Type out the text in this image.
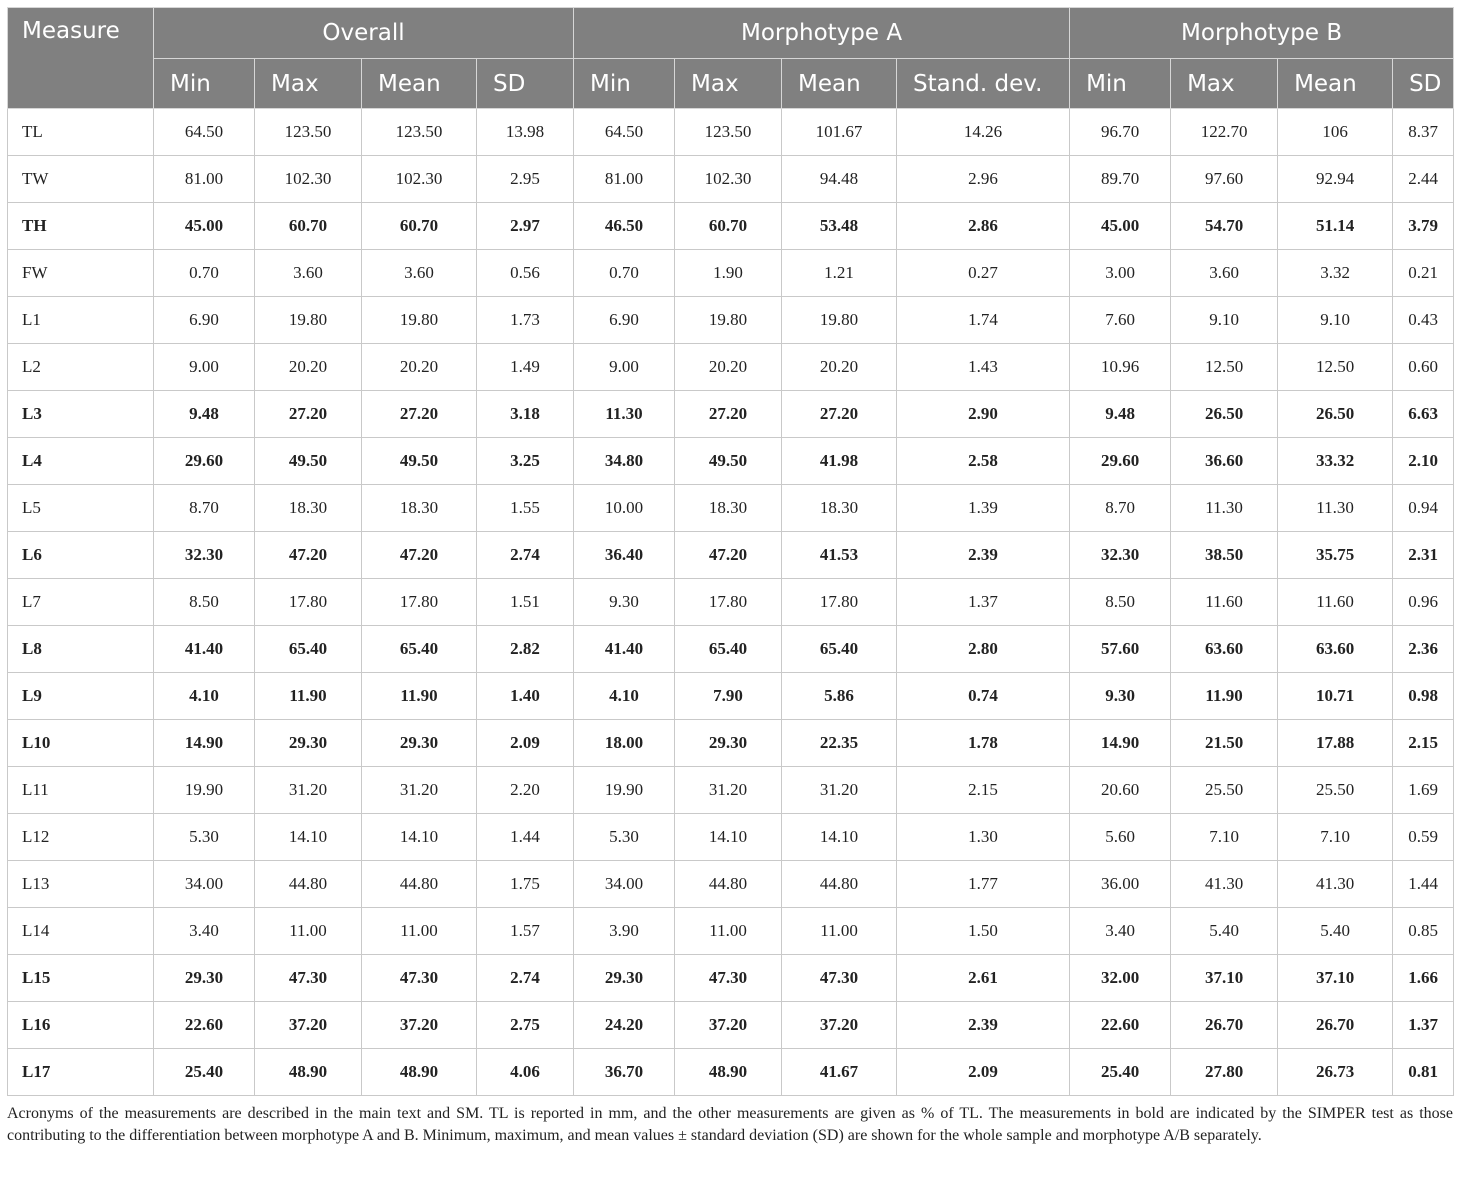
Measure	Overall				Morphotype A				Morphotype B			
	Min	Max	Mean	SD	Min	Max	Mean	Stand. dev.	Min	Max	Mean	SD
TL	64.50	123.50	123.50	13.98	64.50	123.50	101.67	14.26	96.70	122.70	106	8.37
TW	81.00	102.30	102.30	2.95	81.00	102.30	94.48	2.96	89.70	97.60	92.94	2.44
TH	45.00	60.70	60.70	2.97	46.50	60.70	53.48	2.86	45.00	54.70	51.14	3.79
FW	0.70	3.60	3.60	0.56	0.70	1.90	1.21	0.27	3.00	3.60	3.32	0.21
L1	6.90	19.80	19.80	1.73	6.90	19.80	19.80	1.74	7.60	9.10	9.10	0.43
L2	9.00	20.20	20.20	1.49	9.00	20.20	20.20	1.43	10.96	12.50	12.50	0.60
L3	9.48	27.20	27.20	3.18	11.30	27.20	27.20	2.90	9.48	26.50	26.50	6.63
L4	29.60	49.50	49.50	3.25	34.80	49.50	41.98	2.58	29.60	36.60	33.32	2.10
L5	8.70	18.30	18.30	1.55	10.00	18.30	18.30	1.39	8.70	11.30	11.30	0.94
L6	32.30	47.20	47.20	2.74	36.40	47.20	41.53	2.39	32.30	38.50	35.75	2.31
L7	8.50	17.80	17.80	1.51	9.30	17.80	17.80	1.37	8.50	11.60	11.60	0.96
L8	41.40	65.40	65.40	2.82	41.40	65.40	65.40	2.80	57.60	63.60	63.60	2.36
L9	4.10	11.90	11.90	1.40	4.10	7.90	5.86	0.74	9.30	11.90	10.71	0.98
L10	14.90	29.30	29.30	2.09	18.00	29.30	22.35	1.78	14.90	21.50	17.88	2.15
L11	19.90	31.20	31.20	2.20	19.90	31.20	31.20	2.15	20.60	25.50	25.50	1.69
L12	5.30	14.10	14.10	1.44	5.30	14.10	14.10	1.30	5.60	7.10	7.10	0.59
L13	34.00	44.80	44.80	1.75	34.00	44.80	44.80	1.77	36.00	41.30	41.30	1.44
L14	3.40	11.00	11.00	1.57	3.90	11.00	11.00	1.50	3.40	5.40	5.40	0.85
L15	29.30	47.30	47.30	2.74	29.30	47.30	47.30	2.61	32.00	37.10	37.10	1.66
L16	22.60	37.20	37.20	2.75	24.20	37.20	37.20	2.39	22.60	26.70	26.70	1.37
L17	25.40	48.90	48.90	4.06	36.70	48.90	41.67	2.09	25.40	27.80	26.73	0.81
Acronyms of the measurements are described in the main text and SM. TL is reported in mm, and the other measurements are given as % of TL. The measurements in bold are indicated by the SIMPER test as those contributing to the differentiation between morphotype A and B. Minimum, maximum, and mean values ± standard deviation (SD) are shown for the whole sample and morphotype A/B separately.
